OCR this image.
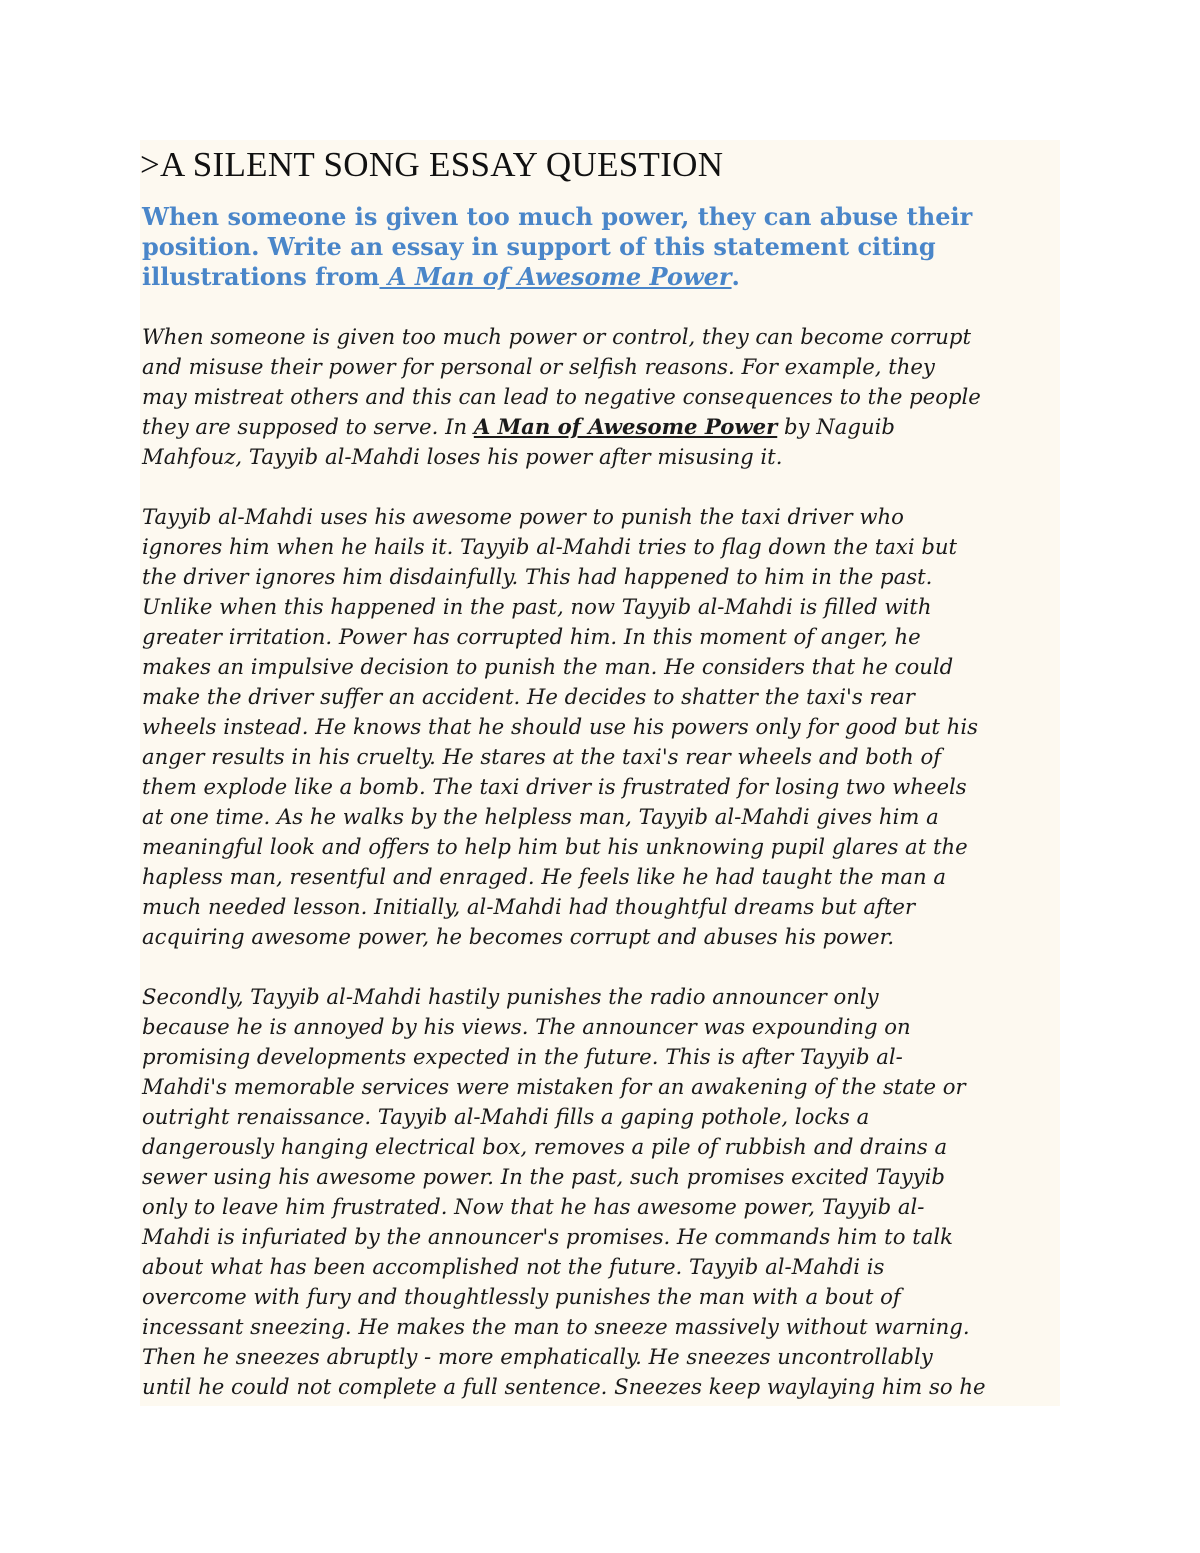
>A SILENT SONG ESSAY QUESTION
When someone is given too much power, they can abuse their
position. Write an essay in support of this statement citing
illustrations from A Man of Awesome Power.

When someone is given too much power or control, they can become corrupt
and misuse their power for personal or selfish reasons. For example, they
may mistreat others and this can lead to negative consequences to the people
they are supposed to serve. In A Man of Awesome Power by Naguib
Mahfouz, Tayyib al-Mahdi loses his power after misusing it.

Tayyib al-Mahdi uses his awesome power to punish the taxi driver who
ignores him when he hails it. Tayyib al-Mahdi tries to flag down the taxi but
the driver ignores him disdainfully. This had happened to him in the past.
Unlike when this happened in the past, now Tayyib al-Mahdi is filled with
greater irritation. Power has corrupted him. In this moment of anger, he
makes an impulsive decision to punish the man. He considers that he could
make the driver suffer an accident. He decides to shatter the taxi's rear
wheels instead. He knows that he should use his powers only for good but his
anger results in his cruelty. He stares at the taxi's rear wheels and both of
them explode like a bomb. The taxi driver is frustrated for losing two wheels
at one time. As he walks by the helpless man, Tayyib al-Mahdi gives him a
meaningful look and offers to help him but his unknowing pupil glares at the
hapless man, resentful and enraged. He feels like he had taught the man a
much needed lesson. Initially, al-Mahdi had thoughtful dreams but after
acquiring awesome power, he becomes corrupt and abuses his power.

Secondly, Tayyib al-Mahdi hastily punishes the radio announcer only
because he is annoyed by his views. The announcer was expounding on
promising developments expected in the future. This is after Tayyib al-
Mahdi's memorable services were mistaken for an awakening of the state or
outright renaissance. Tayyib al-Mahdi fills a gaping pothole, locks a
dangerously hanging electrical box, removes a pile of rubbish and drains a
sewer using his awesome power. In the past, such promises excited Tayyib
only to leave him frustrated. Now that he has awesome power, Tayyib al-
Mahdi is infuriated by the announcer's promises. He commands him to talk
about what has been accomplished not the future. Tayyib al-Mahdi is
overcome with fury and thoughtlessly punishes the man with a bout of
incessant sneezing. He makes the man to sneeze massively without warning.
Then he sneezes abruptly - more emphatically. He sneezes uncontrollably
until he could not complete a full sentence. Sneezes keep waylaying him so he
